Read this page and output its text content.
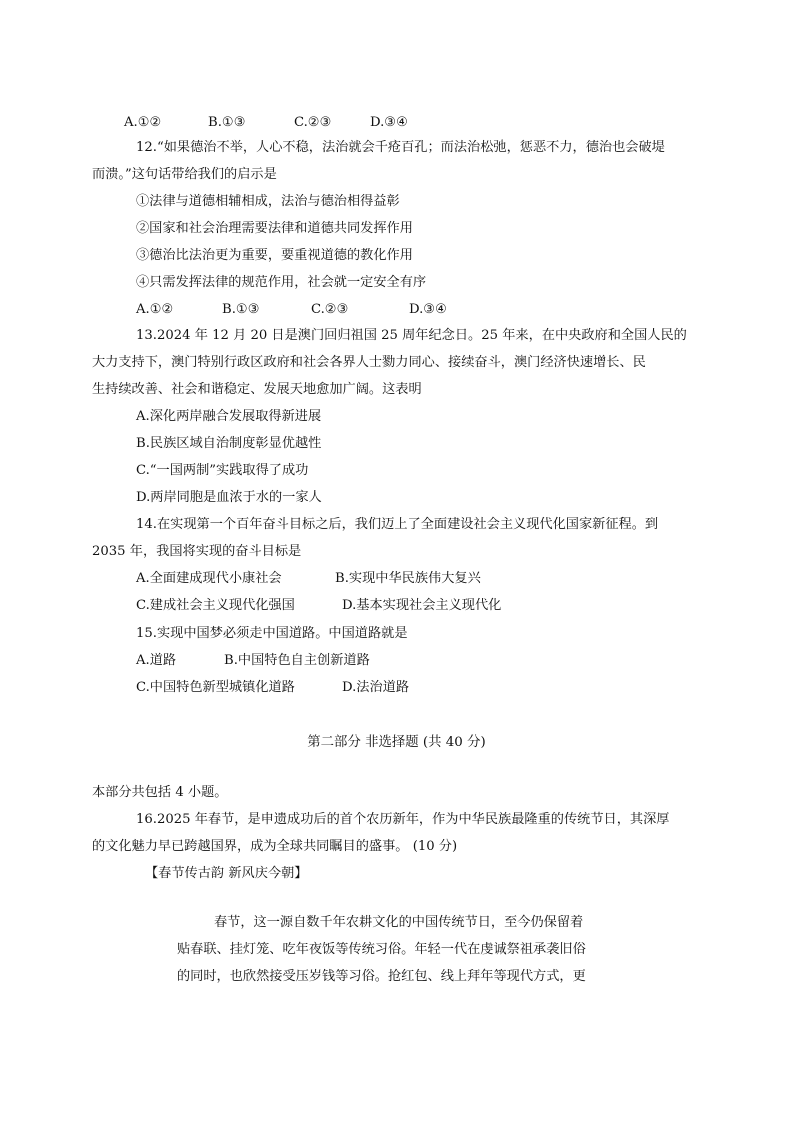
A.①②	B.①③	C.②③	D.③④
12.“如果德治不举，人心不稳，法治就会千疮百孔；而法治松弛，惩恶不力，德治也会破堤
而溃。”这句话带给我们的启示是
①法律与道德相辅相成，法治与德治相得益彰
②国家和社会治理需要法律和道德共同发挥作用
③德治比法治更为重要，要重视道德的教化作用
④只需发挥法律的规范作用，社会就一定安全有序
A.①②	B.①③	C.②③	D.③④
13.2024 年 12 月 20 日是澳门回归祖国 25 周年纪念日。25 年来，在中央政府和全国人民的
大力支持下，澳门特别行政区政府和社会各界人士勠力同心、接续奋斗，澳门经济快速增长、民
生持续改善、社会和谐稳定、发展天地愈加广阔。这表明
A.深化两岸融合发展取得新进展
B.民族区域自治制度彰显优越性
C.“一国两制”实践取得了成功
D.两岸同胞是血浓于水的一家人
14.在实现第一个百年奋斗目标之后，我们迈上了全面建设社会主义现代化国家新征程。到
2035 年，我国将实现的奋斗目标是
A.全面建成现代小康社会	B.实现中华民族伟大复兴
C.建成社会主义现代化强国	D.基本实现社会主义现代化
15.实现中国梦必须走中国道路。中国道路就是
A.道路	B.中国特色自主创新道路
C.中国特色新型城镇化道路	D.法治道路
第二部分 非选择题 (共 40 分)
本部分共包括 4 小题。
16.2025 年春节，是申遗成功后的首个农历新年，作为中华民族最隆重的传统节日，其深厚
的文化魅力早已跨越国界，成为全球共同瞩目的盛事。 (10 分)
【春节传古韵 新风庆今朝】
春节，这一源自数千年农耕文化的中国传统节日，至今仍保留着
贴春联、挂灯笼、吃年夜饭等传统习俗。年轻一代在虔诚祭祖承袭旧俗
的同时，也欣然接受压岁钱等习俗。抢红包、线上拜年等现代方式，更
